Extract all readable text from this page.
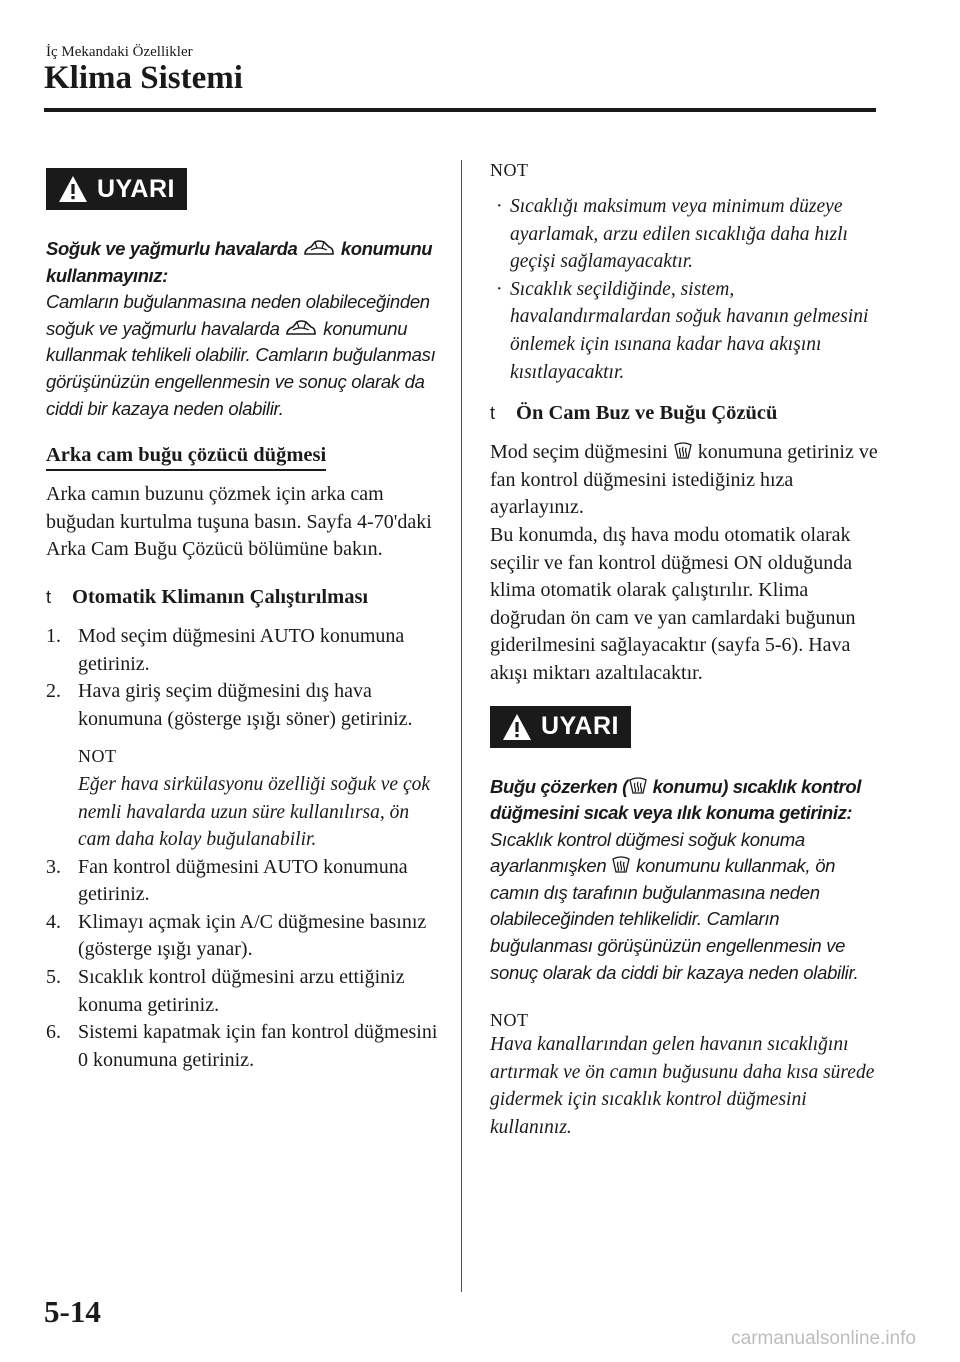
İç Mekandaki Özellikler
Klima Sistemi
UYARI
Soğuk ve yağmurlu havalarda  konumunu kullanmayınız:
Camların buğulanmasına neden olabileceğinden soğuk ve yağmurlu havalarda  konumunu kullanmak tehlikeli olabilir. Camların buğulanması görüşünüzün engellenmesin ve sonuç olarak da ciddi bir kazaya neden olabilir.
Arka cam buğu çözücü düğmesi
Arka camın buzunu çözmek için arka cam buğudan kurtulma tuşuna basın. Sayfa 4-70'daki Arka Cam Buğu Çözücü bölümüne bakın.
t	Otomatik Klimanın Çalıştırılması
1. Mod seçim düğmesini AUTO konumuna getiriniz.
2. Hava giriş seçim düğmesini dış hava konumuna (gösterge ışığı söner) getiriniz.
NOT
Eğer hava sirkülasyonu özelliği soğuk ve çok nemli havalarda uzun süre kullanılırsa, ön cam daha kolay buğulanabilir.
3. Fan kontrol düğmesini AUTO konumuna getiriniz.
4. Klimayı açmak için A/C düğmesine basınız (gösterge ışığı yanar).
5. Sıcaklık kontrol düğmesini arzu ettiğiniz konuma getiriniz.
6. Sistemi kapatmak için fan kontrol düğmesini 0 konumuna getiriniz.
NOT
· Sıcaklığı maksimum veya minimum düzeye ayarlamak, arzu edilen sıcaklığa daha hızlı geçişi sağlamayacaktır.
· Sıcaklık seçildiğinde, sistem, havalandırmalardan soğuk havanın gelmesini önlemek için ısınana kadar hava akışını kısıtlayacaktır.
t	Ön Cam Buz ve Buğu Çözücü
Mod seçim düğmesini  konumuna getiriniz ve fan kontrol düğmesini istediğiniz hıza ayarlayınız.
Bu konumda, dış hava modu otomatik olarak seçilir ve fan kontrol düğmesi ON olduğunda klima otomatik olarak çalıştırılır. Klima doğrudan ön cam ve yan camlardaki buğunun giderilmesini sağlayacaktır (sayfa 5-6). Hava akışı miktarı azaltılacaktır.
UYARI
Buğu çözerken ( konumu) sıcaklık kontrol düğmesini sıcak veya ılık konuma getiriniz:
Sıcaklık kontrol düğmesi soğuk konuma ayarlanmışken  konumunu kullanmak, ön camın dış tarafının buğulanmasına neden olabileceğinden tehlikelidir. Camların buğulanması görüşünüzün engellenmesin ve sonuç olarak da ciddi bir kazaya neden olabilir.
NOT
Hava kanallarından gelen havanın sıcaklığını artırmak ve ön camın buğusunu daha kısa sürede gidermek için sıcaklık kontrol düğmesini kullanınız.
5-14
carmanualsonline.info
